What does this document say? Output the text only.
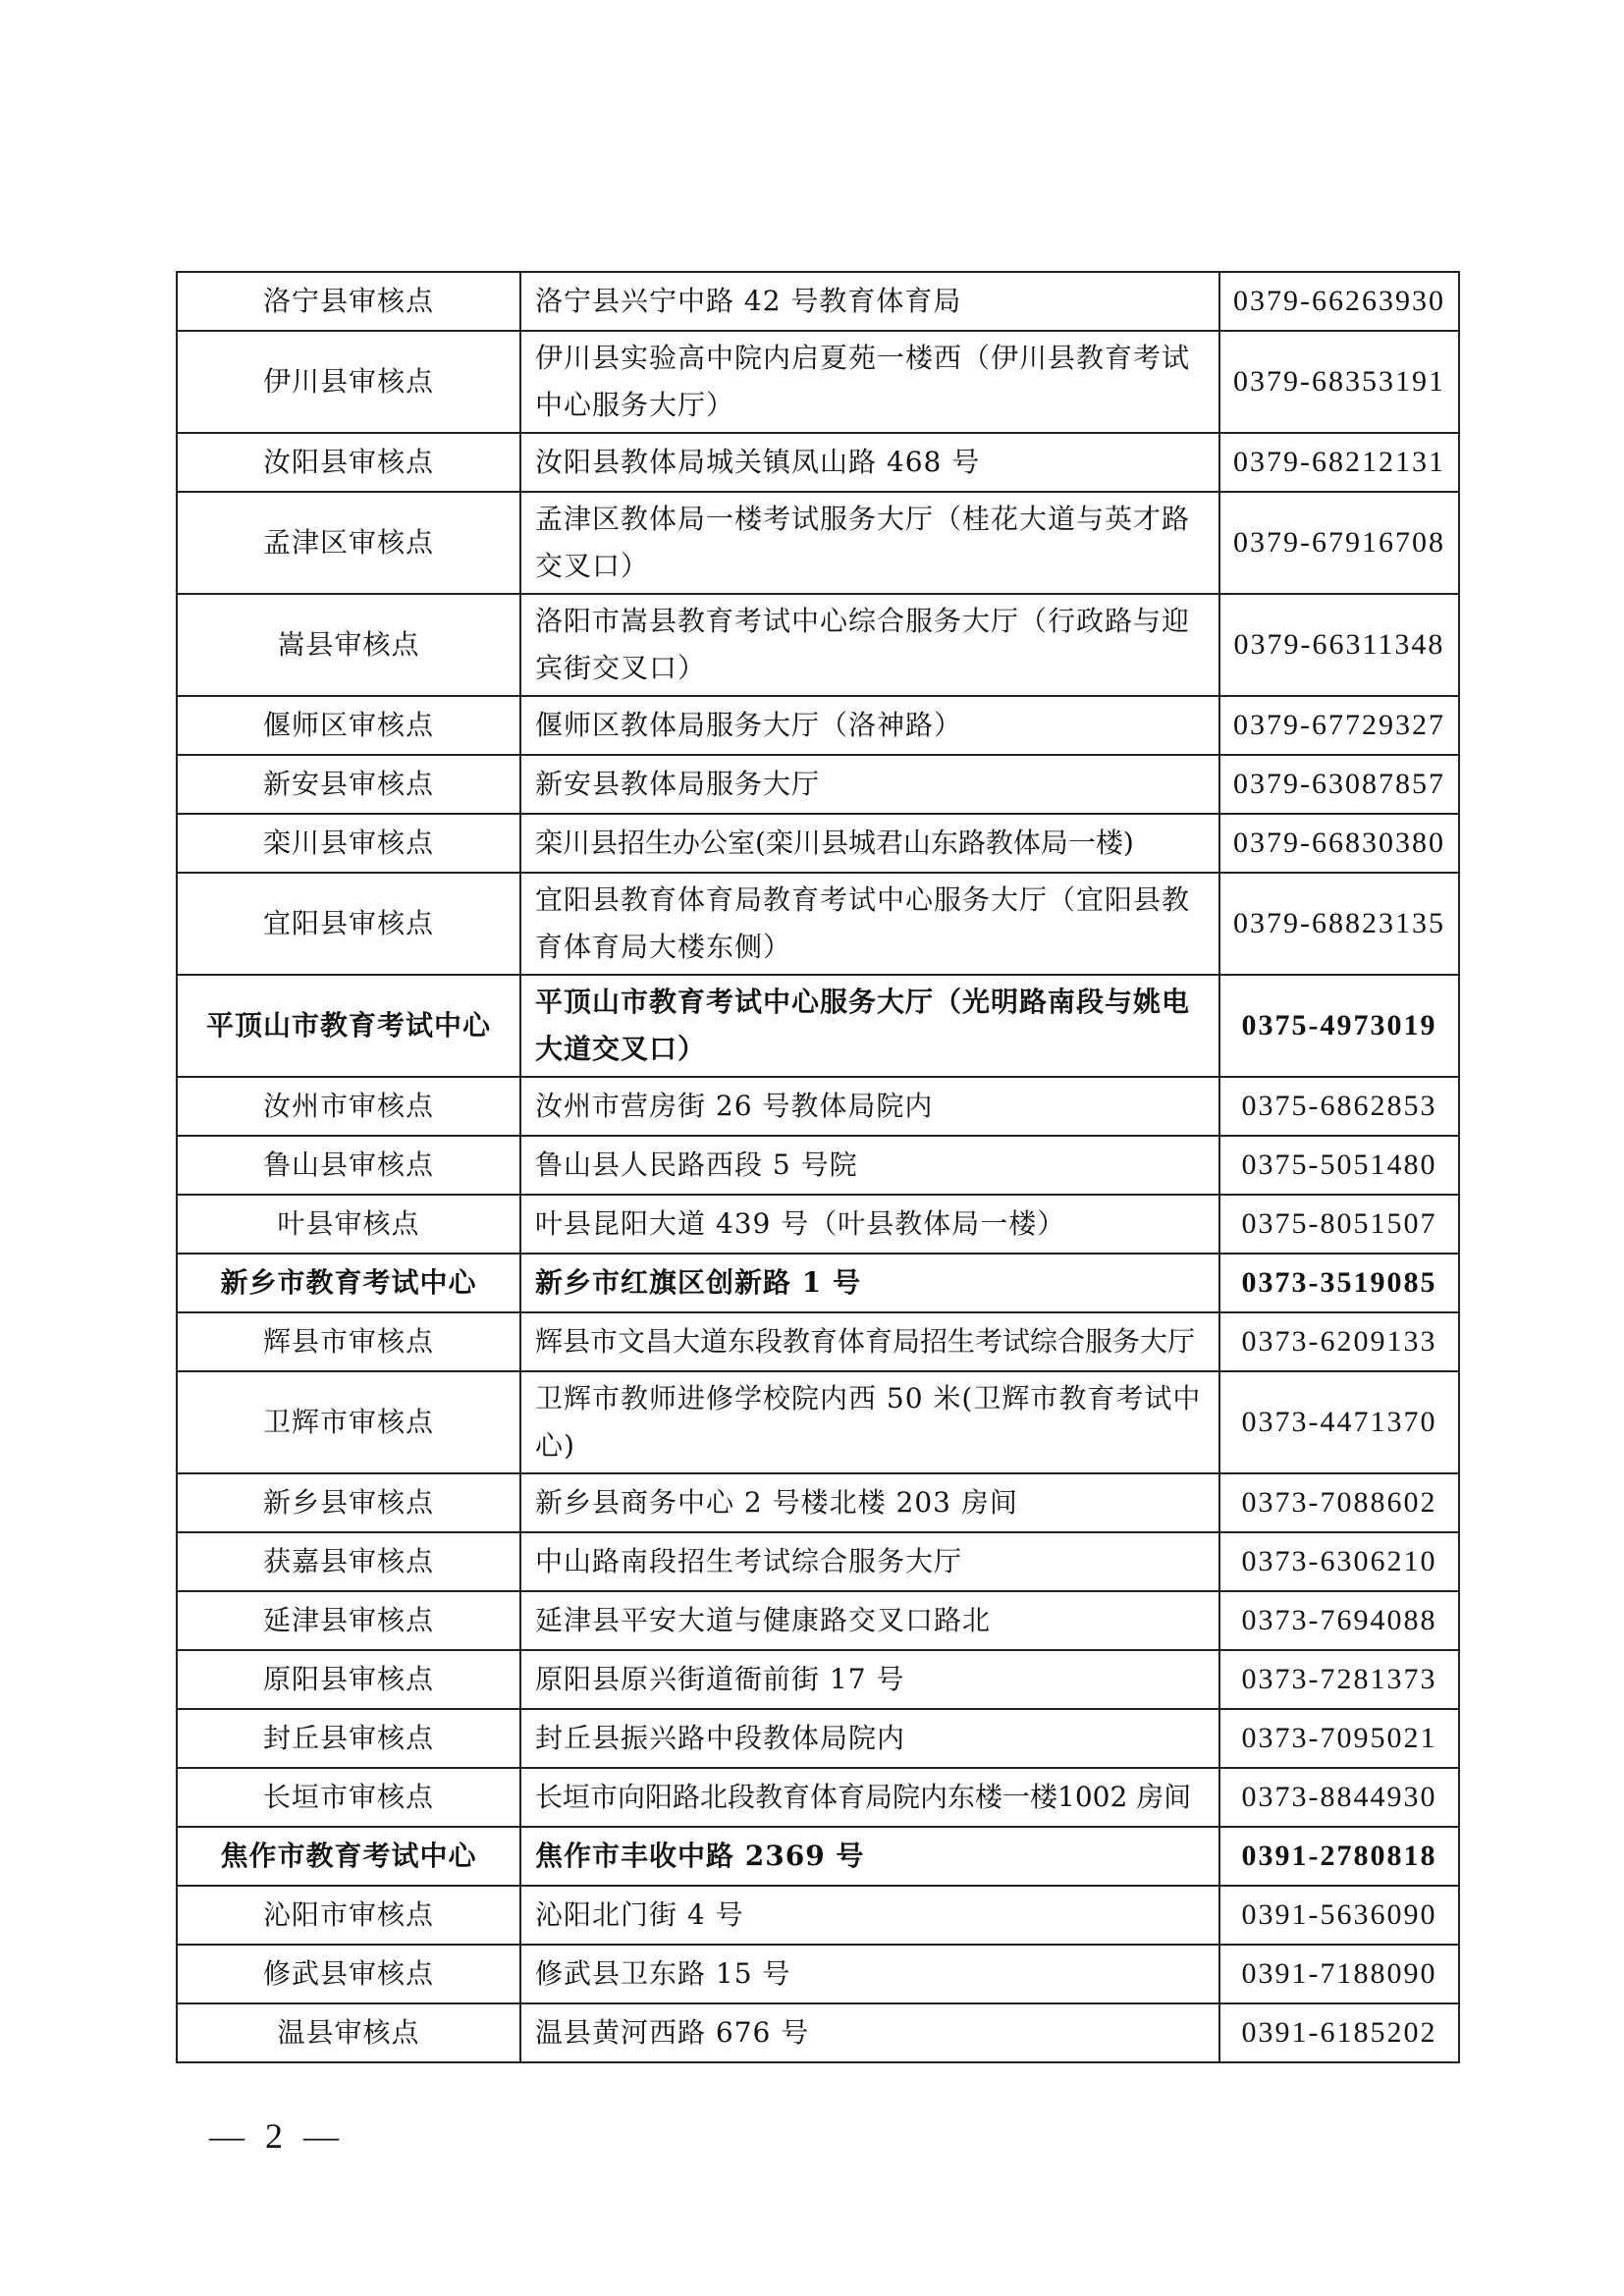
洛宁县审核点	洛宁县兴宁中路 42 号教育体育局	0379-66263930
伊川县审核点	伊川县实验高中院内启夏苑一楼西（伊川县教育考试中心服务大厅）	0379-68353191
汝阳县审核点	汝阳县教体局城关镇凤山路 468 号	0379-68212131
孟津区审核点	孟津区教体局一楼考试服务大厅（桂花大道与英才路交叉口）	0379-67916708
嵩县审核点	洛阳市嵩县教育考试中心综合服务大厅（行政路与迎宾街交叉口）	0379-66311348
偃师区审核点	偃师区教体局服务大厅（洛神路）	0379-67729327
新安县审核点	新安县教体局服务大厅	0379-63087857
栾川县审核点	栾川县招生办公室(栾川县城君山东路教体局一楼)	0379-66830380
宜阳县审核点	宜阳县教育体育局教育考试中心服务大厅（宜阳县教育体育局大楼东侧）	0379-68823135
平顶山市教育考试中心	平顶山市教育考试中心服务大厅（光明路南段与姚电大道交叉口）	0375-4973019
汝州市审核点	汝州市营房街 26 号教体局院内	0375-6862853
鲁山县审核点	鲁山县人民路西段 5 号院	0375-5051480
叶县审核点	叶县昆阳大道 439 号（叶县教体局一楼）	0375-8051507
新乡市教育考试中心	新乡市红旗区创新路 1 号	0373-3519085
辉县市审核点	辉县市文昌大道东段教育体育局招生考试综合服务大厅	0373-6209133
卫辉市审核点	卫辉市教师进修学校院内西 50 米(卫辉市教育考试中心)	0373-4471370
新乡县审核点	新乡县商务中心 2 号楼北楼 203 房间	0373-7088602
获嘉县审核点	中山路南段招生考试综合服务大厅	0373-6306210
延津县审核点	延津县平安大道与健康路交叉口路北	0373-7694088
原阳县审核点	原阳县原兴街道衙前街 17 号	0373-7281373
封丘县审核点	封丘县振兴路中段教体局院内	0373-7095021
长垣市审核点	长垣市向阳路北段教育体育局院内东楼一楼1002 房间	0373-8844930
焦作市教育考试中心	焦作市丰收中路 2369 号	0391-2780818
沁阳市审核点	沁阳北门街 4 号	0391-5636090
修武县审核点	修武县卫东路 15 号	0391-7188090
温县审核点	温县黄河西路 676 号	0391-6185202
— 2 —
